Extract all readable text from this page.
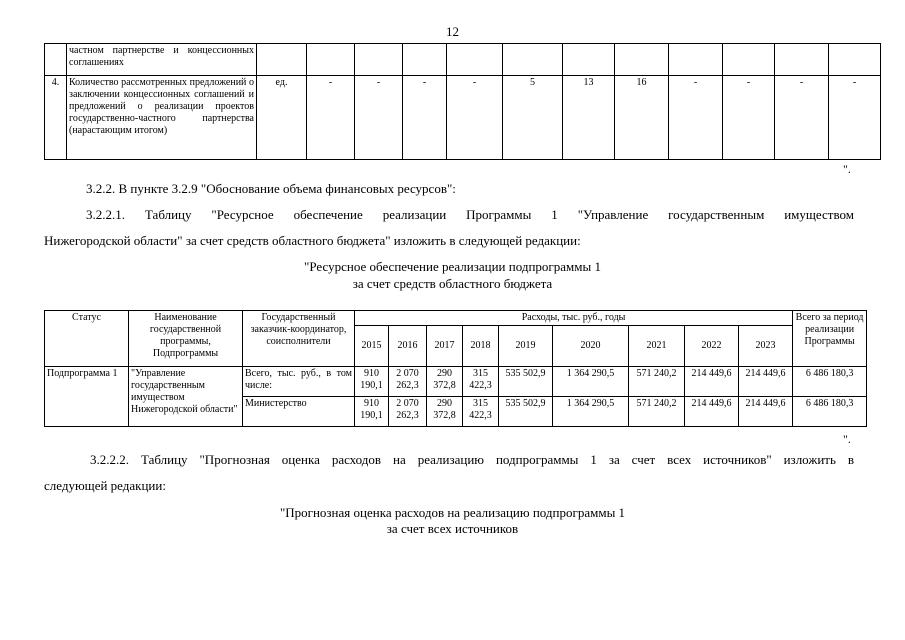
12
	частном партнерстве и концессионных соглашениях												
4.	Количество рассмотренных предложений о заключении концессионных соглашений и предложений о реализации проектов государственно-частного партнерства (нарастающим итогом)	ед.	-	-	-	-	5	13	16	-	-	-	-
".
3.2.2. В пункте 3.2.9 "Обоснование объема финансовых ресурсов":
3.2.2.1. Таблицу "Ресурсное обеспечение реализации Программы 1 "Управление государственным имуществом
Нижегородской области" за счет средств областного бюджета" изложить в следующей редакции:
"Ресурсное обеспечение реализации подпрограммы 1
за счет средств областного бюджета
Статус	Наименование государственной программы, Подпрограммы	Государственный заказчик-координатор, соисполнители	Расходы, тыс. руб., годы									Всего за период реализации Программы
			2015	2016	2017	2018	2019	2020	2021	2022	2023	
Подпрограмма 1	"Управление государственным имуществом Нижегородской области"	Всего, тыс. руб., в том числе:	910 190,1	2 070 262,3	290 372,8	315 422,3	535 502,9	1 364 290,5	571 240,2	214 449,6	214 449,6	6 486 180,3
		Министерство	910 190,1	2 070 262,3	290 372,8	315 422,3	535 502,9	1 364 290,5	571 240,2	214 449,6	214 449,6	6 486 180,3
".
3.2.2.2. Таблицу "Прогнозная оценка расходов на реализацию подпрограммы 1 за счет всех источников" изложить в
следующей редакции:
"Прогнозная оценка расходов на реализацию подпрограммы 1
за счет всех источников
